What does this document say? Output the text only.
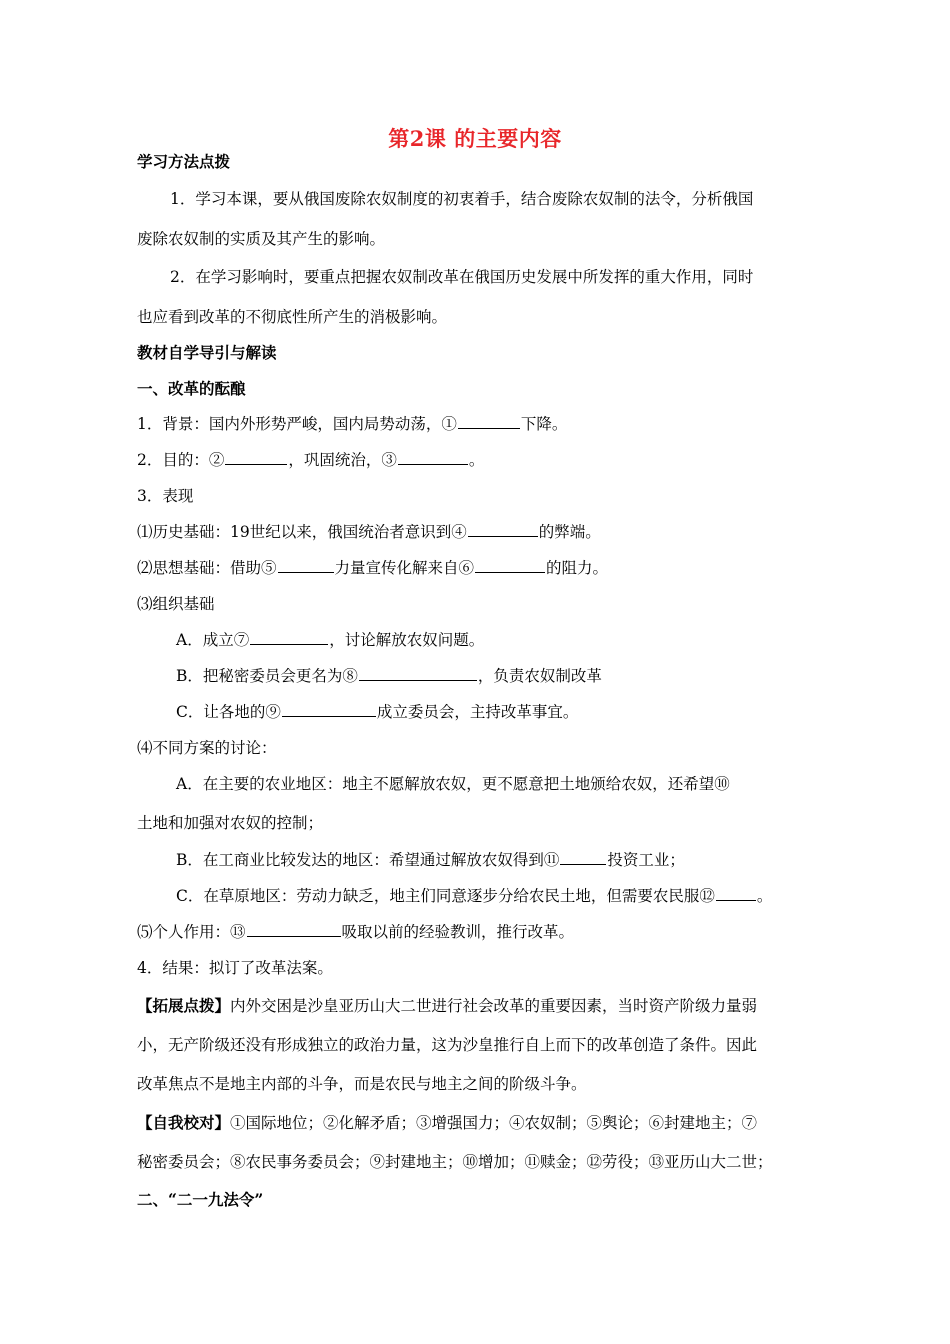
第2课 的主要内容
学习方法点拨
1．学习本课，要从俄国废除农奴制度的初衷着手，结合废除农奴制的法令，分析俄国
废除农奴制的实质及其产生的影响。
2．在学习影响时，要重点把握农奴制改革在俄国历史发展中所发挥的重大作用，同时
也应看到改革的不彻底性所产生的消极影响。
教材自学导引与解读
一、改革的酝酿
1．背景：国内外形势严峻，国内局势动荡，①	下降。
2．目的：②	，巩固统治，③	。
3．表现
⑴历史基础：19世纪以来，俄国统治者意识到④	的弊端。
⑵思想基础：借助⑤	力量宣传化解来自⑥	的阻力。
⑶组织基础
A．成立⑦	，讨论解放农奴问题。
B．把秘密委员会更名为⑧	，负责农奴制改革
C．让各地的⑨	成立委员会，主持改革事宜。
⑷不同方案的讨论：
A．在主要的农业地区：地主不愿解放农奴，更不愿意把土地颁给农奴，还希望⑩
土地和加强对农奴的控制；
B．在工商业比较发达的地区：希望通过解放农奴得到⑪	投资工业；
C．在草原地区：劳动力缺乏，地主们同意逐步分给农民土地，但需要农民服⑫	。
⑸个人作用：⑬	吸取以前的经验教训，推行改革。
4．结果：拟订了改革法案。
【拓展点拨】内外交困是沙皇亚历山大二世进行社会改革的重要因素，当时资产阶级力量弱
小，无产阶级还没有形成独立的政治力量，这为沙皇推行自上而下的改革创造了条件。因此
改革焦点不是地主内部的斗争，而是农民与地主之间的阶级斗争。
【自我校对】①国际地位；②化解矛盾；③增强国力；④农奴制；⑤舆论；⑥封建地主；⑦
秘密委员会；⑧农民事务委员会；⑨封建地主；⑩增加；⑪赎金；⑫劳役；⑬亚历山大二世；
二、“二一九法令”
